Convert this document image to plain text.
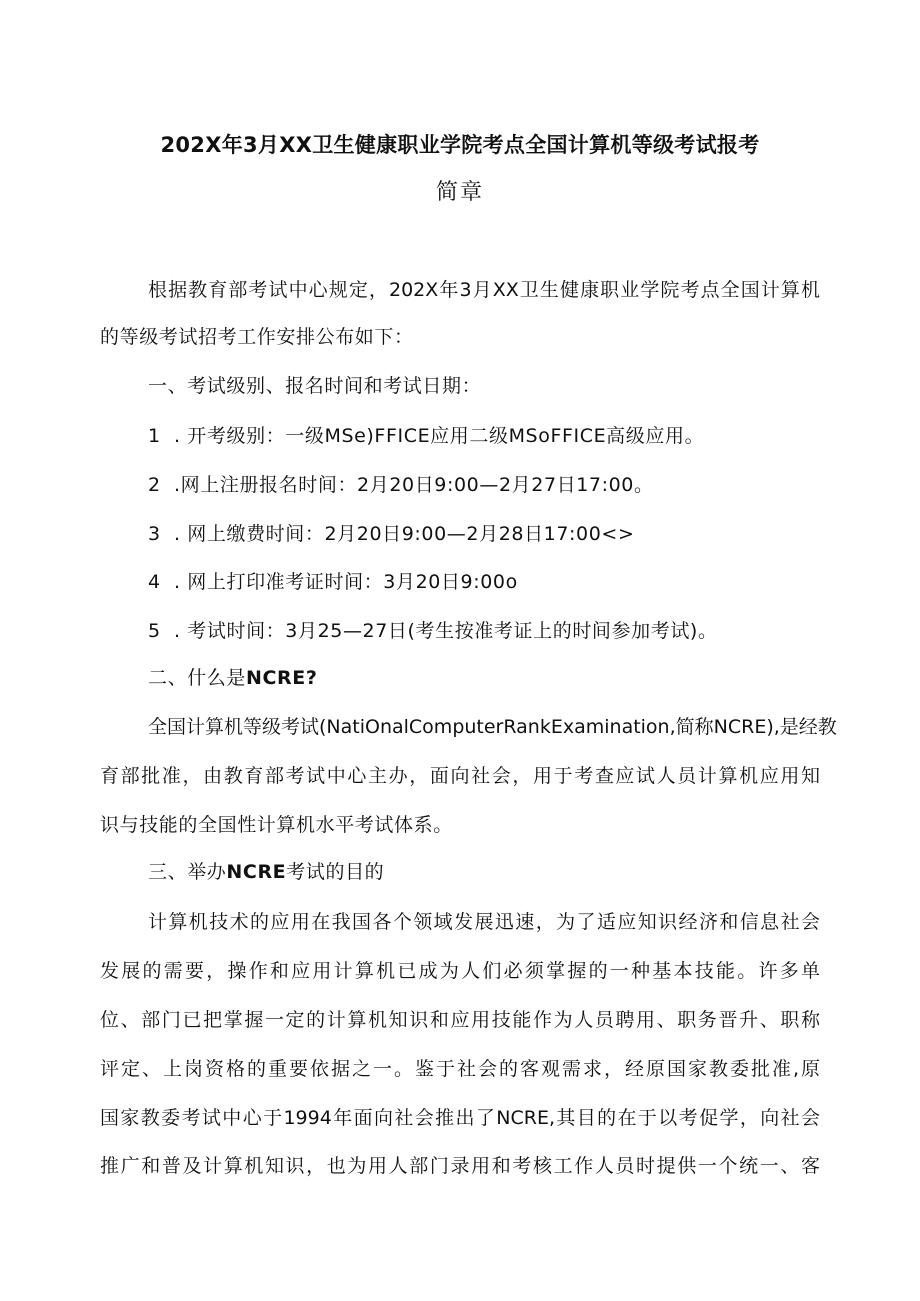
202X年3月XX卫生健康职业学院考点全国计算机等级考试报考
简章
根据教育部考试中心规定，202X年3月XX卫生健康职业学院考点全国计算机
的等级考试招考工作安排公布如下：
一、考试级别、报名时间和考试日期：
1 . 开考级别：一级MSe)FFICE应用二级MSoFFICE高级应用。
2 .网上注册报名时间：2月20日9:00—2月27日17:00。
3 . 网上缴费时间：2月20日9:00—2月28日17:00<>
4 . 网上打印准考证时间：3月20日9:00o
5 . 考试时间：3月25—27日(考生按准考证上的时间参加考试)。
二、什么是NCRE?
全国计算机等级考试(NatiOnalComputerRankExamination,简称NCRE),是经教
育部批准，由教育部考试中心主办，面向社会，用于考查应试人员计算机应用知
识与技能的全国性计算机水平考试体系。
三、举办NCRE考试的目的
计算机技术的应用在我国各个领域发展迅速，为了适应知识经济和信息社会
发展的需要，操作和应用计算机已成为人们必须掌握的一种基本技能。许多单
位、部门已把掌握一定的计算机知识和应用技能作为人员聘用、职务晋升、职称
评定、上岗资格的重要依据之一。鉴于社会的客观需求，经原国家教委批准,原
国家教委考试中心于1994年面向社会推出了NCRE,其目的在于以考促学，向社会
推广和普及计算机知识，也为用人部门录用和考核工作人员时提供一个统一、客
